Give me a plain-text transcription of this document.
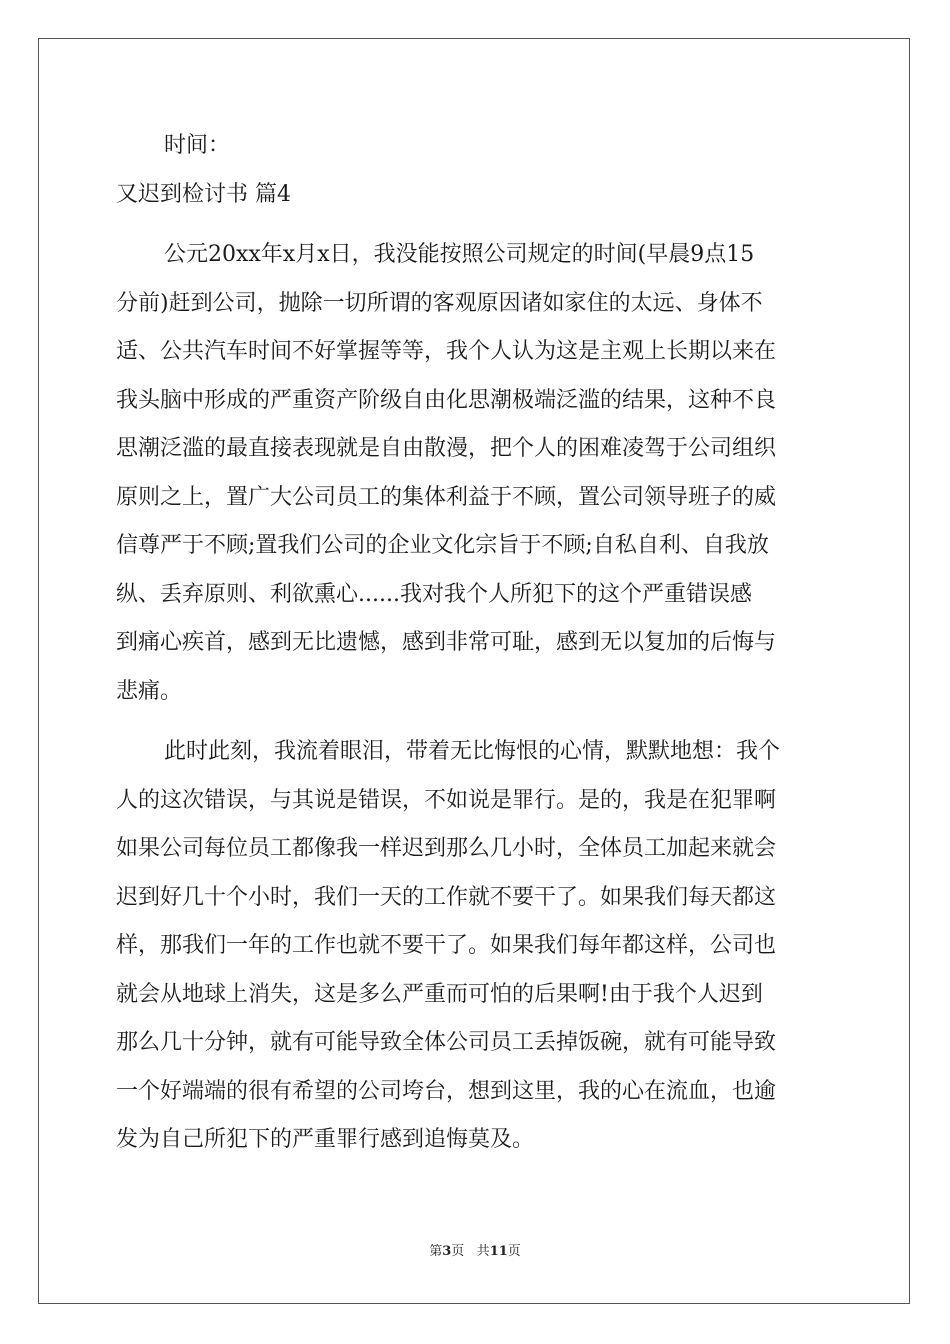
时间：
又迟到检讨书 篇4
公元20xx年x月x日，我没能按照公司规定的时间(早晨9点15
分前)赶到公司，抛除一切所谓的客观原因诸如家住的太远、身体不
适、公共汽车时间不好掌握等等，我个人认为这是主观上长期以来在
我头脑中形成的严重资产阶级自由化思潮极端泛滥的结果，这种不良
思潮泛滥的最直接表现就是自由散漫，把个人的困难凌驾于公司组织
原则之上，置广大公司员工的集体利益于不顾，置公司领导班子的威
信尊严于不顾;置我们公司的企业文化宗旨于不顾;自私自利、自我放
纵、丢弃原则、利欲熏心......我对我个人所犯下的这个严重错误感
到痛心疾首，感到无比遗憾，感到非常可耻，感到无以复加的后悔与
悲痛。
此时此刻，我流着眼泪，带着无比悔恨的心情，默默地想：我个
人的这次错误，与其说是错误，不如说是罪行。是的，我是在犯罪啊
如果公司每位员工都像我一样迟到那么几小时，全体员工加起来就会
迟到好几十个小时，我们一天的工作就不要干了。如果我们每天都这
样，那我们一年的工作也就不要干了。如果我们每年都这样，公司也
就会从地球上消失，这是多么严重而可怕的后果啊!由于我个人迟到
那么几十分钟，就有可能导致全体公司员工丢掉饭碗，就有可能导致
一个好端端的很有希望的公司垮台，想到这里，我的心在流血，也逾
发为自己所犯下的严重罪行感到追悔莫及。
第3页 共11页
